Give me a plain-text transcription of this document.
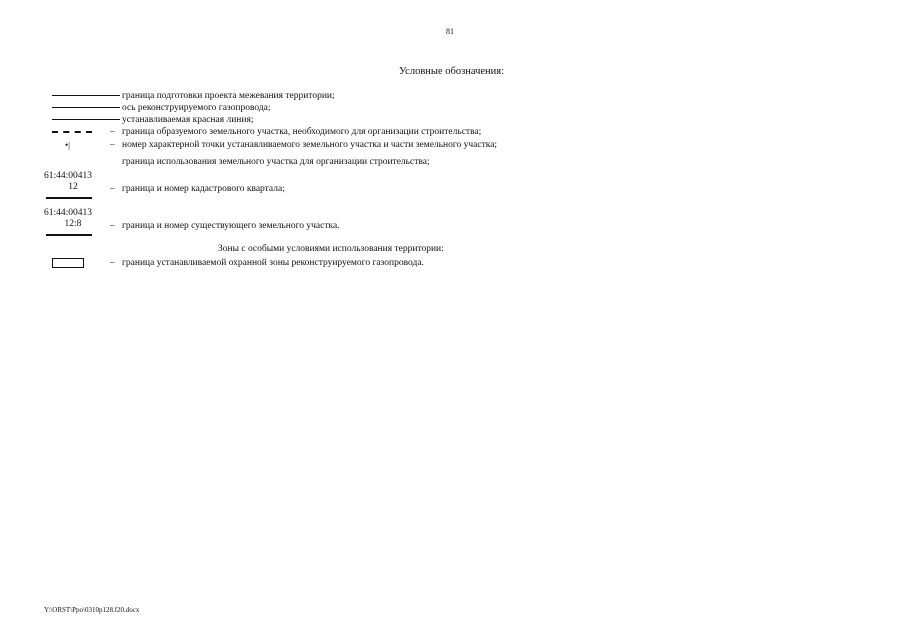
81
Условные обозначения:
– граница подготовки проекта межевания территории;
– ось реконструируемого газопровода;
– устанавливаемая красная линия;
– граница образуемого земельного участка, необходимого для организации строительства;
•|	– номер характерной точки устанавливаемого земельного участка и части земельного участка;
граница использования земельного участка для организации строительства;
61:44:00413
12	– граница и номер кадастрового квартала;
61:44:00413
12:8	– граница и номер существующего земельного участка.
Зоны с особыми условиями использования территории:
– граница устанавливаемой охранной зоны реконструируемого газопровода.
Y:\ORST\Ppo\0310p128.f20.docx
